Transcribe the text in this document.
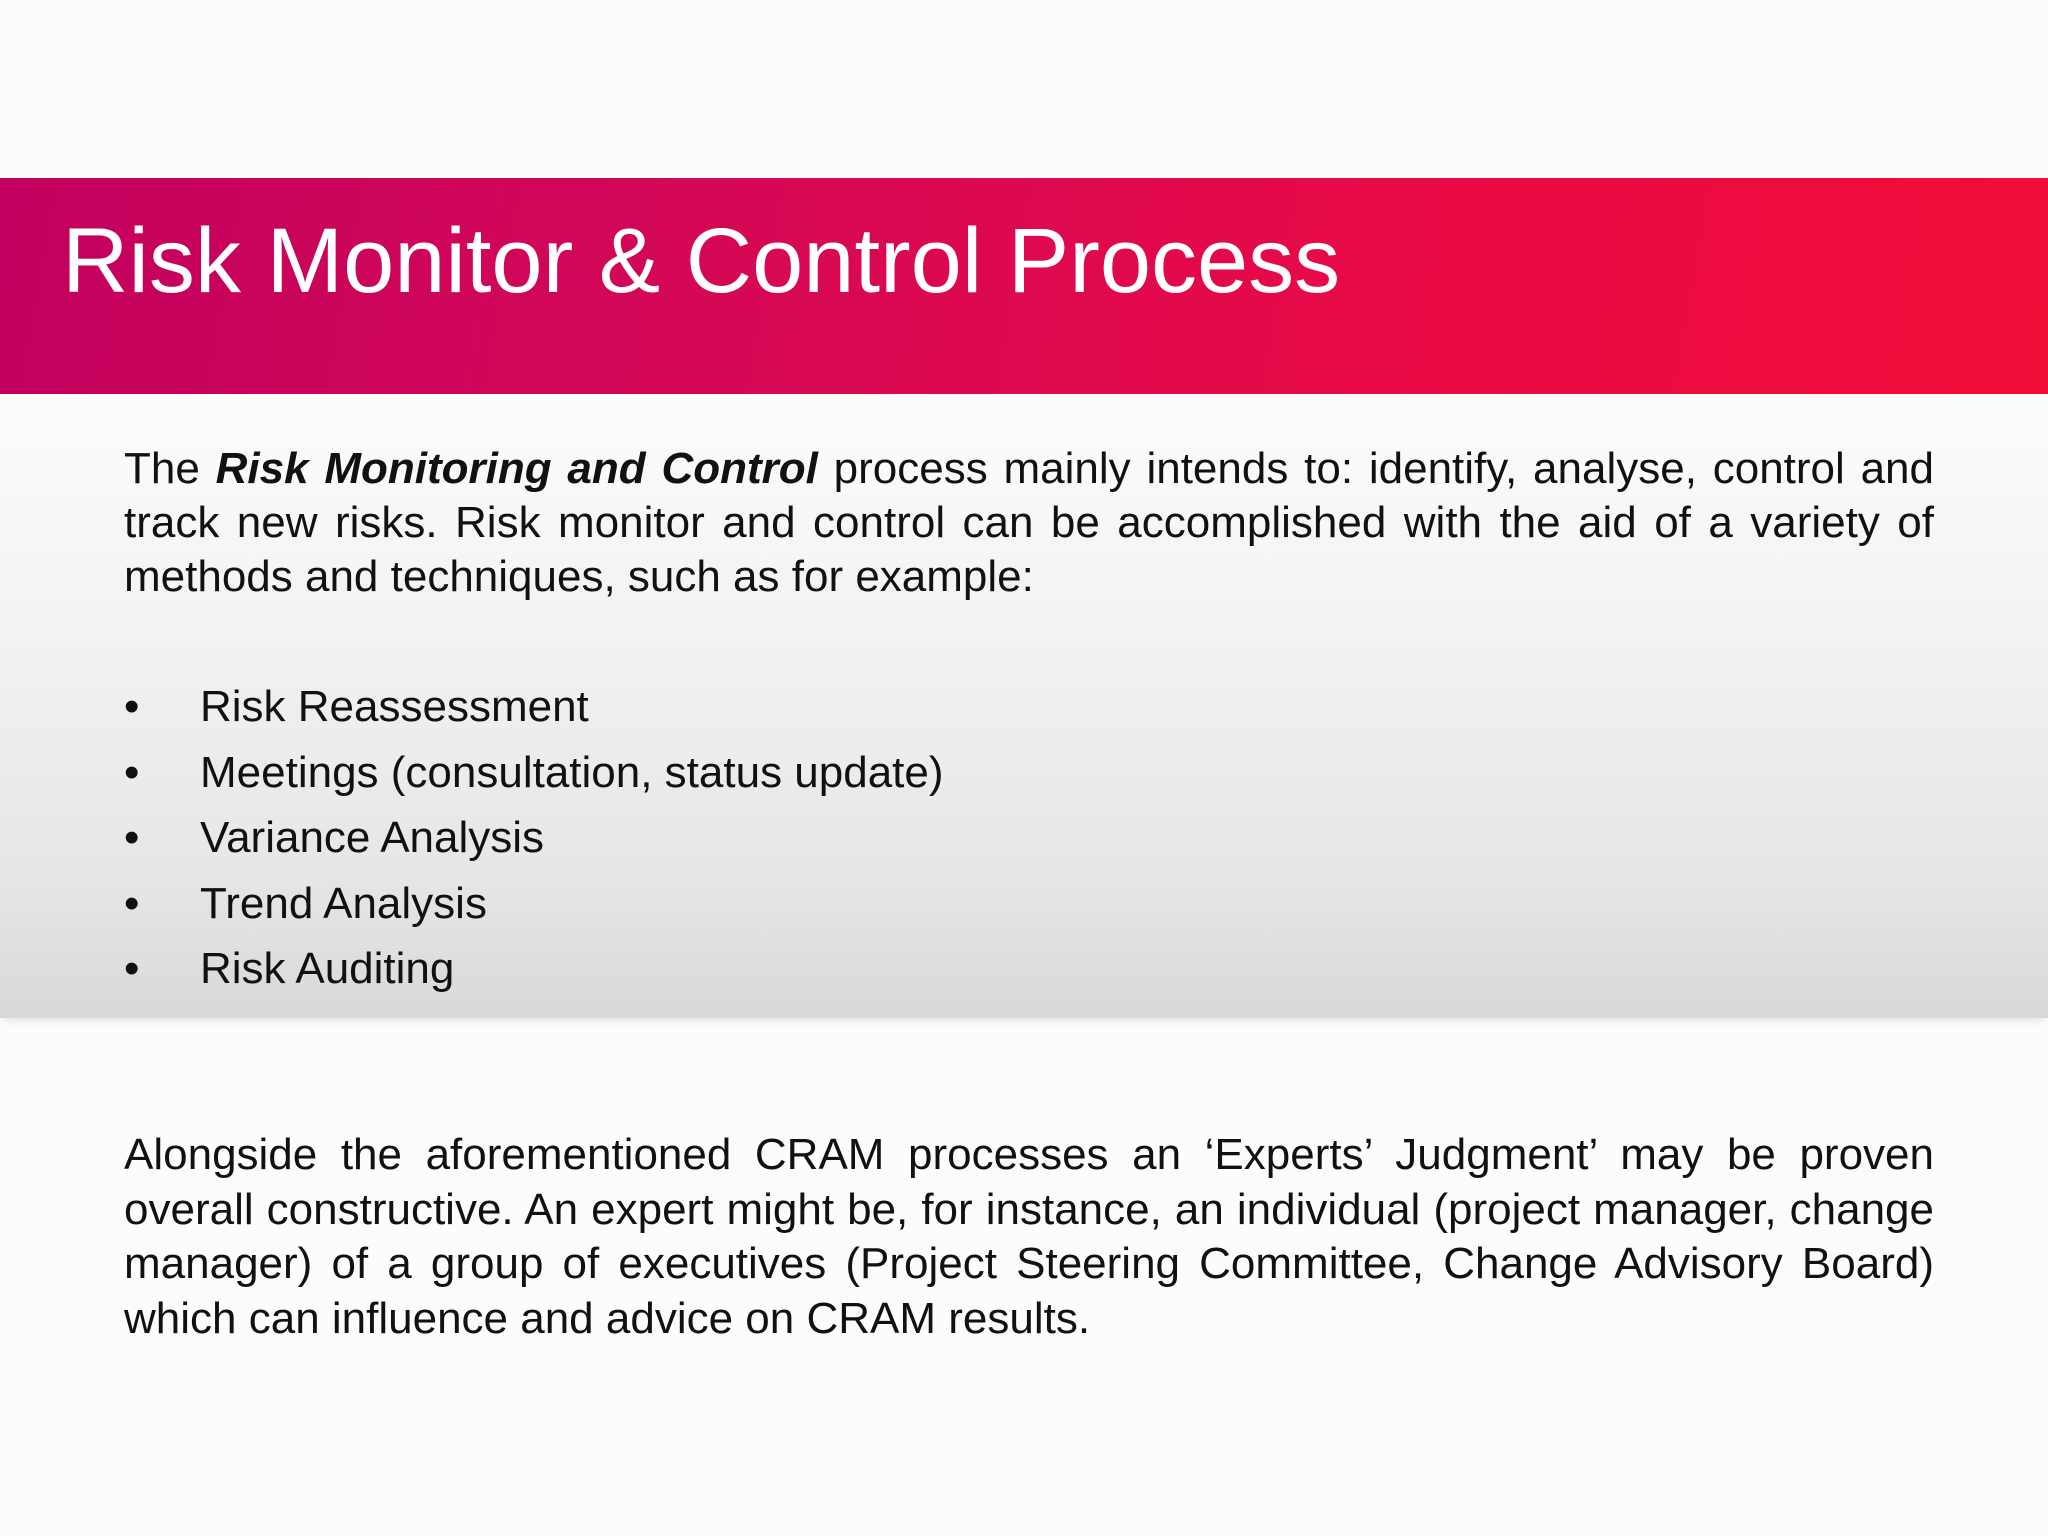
Risk Monitor & Control Process

The Risk Monitoring and Control process mainly intends to: identify, analyse, control and track new risks. Risk monitor and control can be accomplished with the aid of a variety of methods and techniques, such as for example:

• Risk Reassessment
• Meetings (consultation, status update)
• Variance Analysis
• Trend Analysis
• Risk Auditing

Alongside the aforementioned CRAM processes an ‘Experts’ Judgment’ may be proven overall constructive. An expert might be, for instance, an individual (project manager, change manager) of a group of executives (Project Steering Committee, Change Advisory Board) which can influence and advice on CRAM results.
